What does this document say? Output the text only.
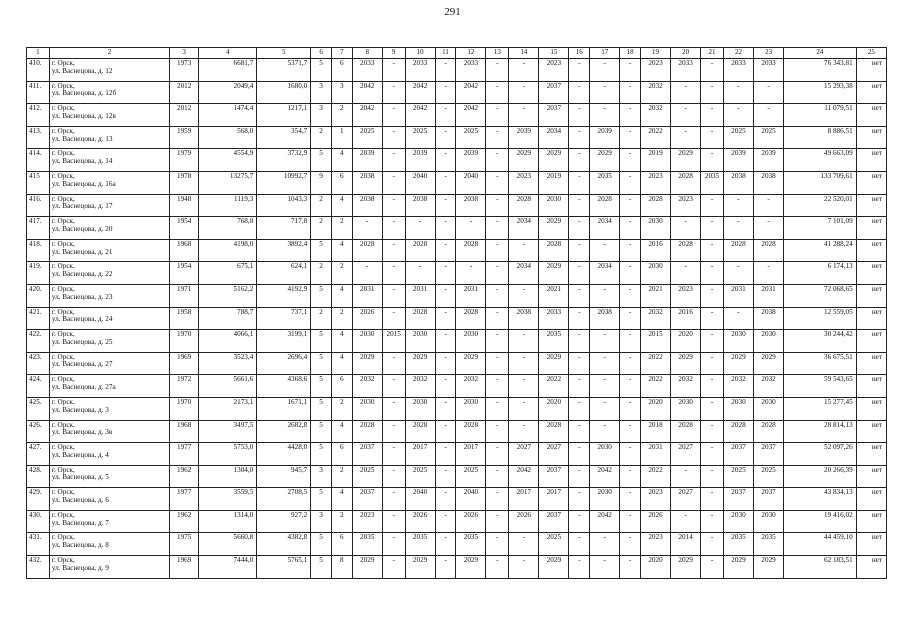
291
1	2	3	4	5	6	7	8	9	10	11	12	13	14	15	16	17	18	19	20	21	22	23	24	25
410.	г. Орск,
ул. Васнецова, д. 12	1973	6681,7	5371,7	5	6	2033	-	2033	-	2033	-	-	2023	-	-	-	2023	2033	-	2033	2033	76 343,81	нет
411.	г. Орск,
ул. Васнецова, д. 12б	2012	2049,4	1680,0	3	3	2042	-	2042	-	2042	-	-	2037	-	-	-	2032	-	-	-	-	15 293,38	нет
412.	г. Орск,
ул. Васнецова, д. 12в	2012	1474,4	1217,1	3	2	2042	-	2042	-	2042	-	-	2037	-	-	-	2032	-	-	-	-	11 079,51	нет
413.	г. Орск,
ул. Васнецова, д. 13	1959	568,0	354,7	2	1	2025	-	2025	-	2025	-	2039	2034	-	2039	-	2022	-	-	2025	2025	8 886,51	нет
414.	г. Орск,
ул. Васнецова, д. 14	1979	4554,9	3732,9	5	4	2039	-	2039	-	2039	-	2029	2029	-	2029	-	2019	2029	-	2039	2039	49 663,09	нет
415	г. Орск,
ул. Васнецова, д. 16а	1978	13275,7	10992,7	9	6	2038	-	2040	-	2040	-	2023	2019	-	2035	-	2023	2028	2035	2038	2038	133 709,61	нет
416.	г. Орск,
ул. Васнецова, д. 17	1948	1119,3	1043,3	2	4	2038	-	2038	-	2038	-	2028	2030	-	2028	-	2028	2023	-	-	-	22 520,01	нет
417.	г. Орск,
ул. Васнецова, д. 20	1954	768,8	717,8	2	2	-	-	-	-	-	-	2034	2029	-	2034	-	2030	-	-	-	-	7 101,09	нет
418.	г. Орск,
ул. Васнецова, д. 21	1968	4198,0	3892,4	5	4	2028	-	2028	-	2028	-	-	2028	-	-	-	2016	2028	-	2028	2028	41 288,24	нет
419.	г. Орск,
ул. Васнецова, д. 22	1954	675,1	624,1	2	2	-	-	-	-	-	-	2034	2029	-	2034	-	2030	-	-	-	-	6 174,13	нет
420.	г. Орск,
ул. Васнецова, д. 23	1971	5162,2	4192,9	5	4	2031	-	2031	-	2031	-	-	2021	-	-	-	2021	2023	-	2031	2031	72 068,65	нет
421.	г. Орск,
ул. Васнецова, д. 24	1958	788,7	737,1	2	2	2026	-	2028	-	2028	-	2038	2033	-	2038	-	2032	2016	-	-	2038	12 559,05	нет
422.	г. Орск,
ул. Васнецова, д. 25	1970	4066,1	3199,1	5	4	2030	2015	2030	-	2030	-	-	2035	-	-	-	2015	2020	-	2030	2030	30 244,42	нет
423.	г. Орск,
ул. Васнецова, д. 27	1969	3523,4	2696,4	5	4	2029	-	2029	-	2029	-	-	2029	-	-	-	2022	2029	-	2029	2029	36 675,51	нет
424.	г. Орск,
ул. Васнецова, д. 27а	1972	5661,6	4368,6	5	6	2032	-	2032	-	2032	-	-	2022	-	-	-	2022	2032	-	2032	2032	59 543,65	нет
425.	г. Орск,
ул. Васнецова, д. 3	1970	2173,1	1671,1	5	2	2030	-	2030	-	2030	-	-	2020	-	-	-	2020	2030	-	2030	2030	15 277,45	нет
426.	г. Орск,
ул. Васнецова, д. 3в	1968	3497,5	2682,8	5	4	2028	-	2028	-	2028	-	-	2028	-	-	-	2018	2028	-	2028	2028	28 814,13	нет
427.	г. Орск,
ул. Васнецова, д. 4	1977	5753,0	4428,0	5	6	2037	-	2017	-	2017	-	2027	2027	-	2030	-	2031	2027	-	2037	2037	52 097,26	нет
428.	г. Орск,
ул. Васнецова, д. 5	1962	1304,0	945,7	3	2	2025	-	2025	-	2025	-	2042	2037	-	2042	-	2022	-	-	2025	2025	20 266,39	нет
429.	г. Орск,
ул. Васнецова, д. 6	1977	3559,5	2708,5	5	4	2037	-	2040	-	2040	-	2017	2017	-	2030	-	2023	2027	-	2037	2037	43 834,13	нет
430.	г. Орск,
ул. Васнецова, д. 7	1962	1314,0	927,2	3	2	2023	-	2026	-	2026	-	2026	2037	-	2042	-	2026	-	-	2030	2030	19 416,02	нет
431.	г. Орск,
ул. Васнецова, д. 8	1975	5660,8	4382,8	5	6	2035	-	2035	-	2035	-	-	2025	-	-	-	2023	2014	-	2035	2035	44 459,10	нет
432.	г. Орск,
ул. Васнецова, д. 9	1969	7444,0	5765,1	5	8	2029	-	2029	-	2029	-	-	2029	-	-	-	2020	2029	-	2029	2029	62 183,51	нет
